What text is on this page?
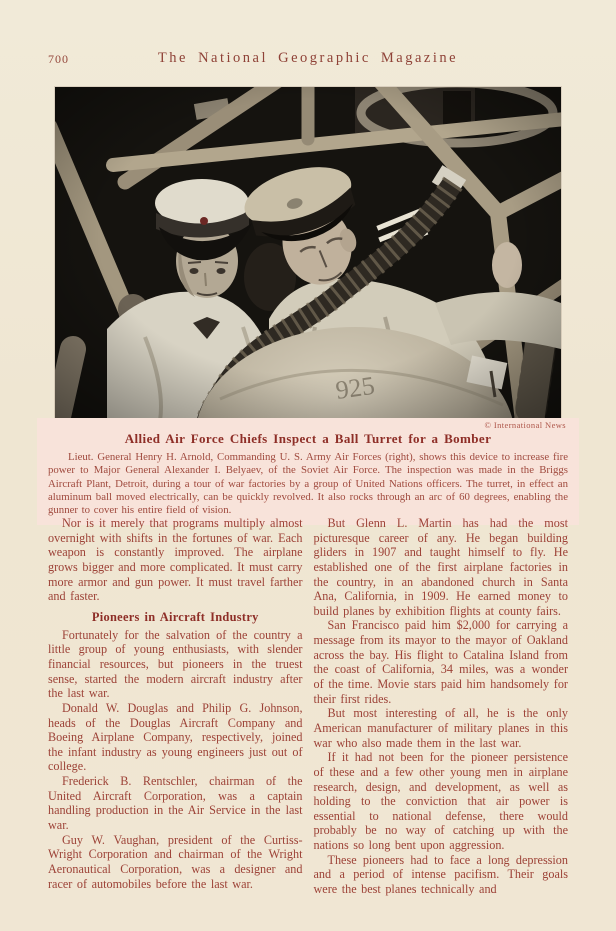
700	The National Geographic Magazine
© International News
Allied Air Force Chiefs Inspect a Ball Turret for a Bomber

Lieut. General Henry H. Arnold, Commanding U. S. Army Air Forces (right), shows this device to increase fire power to Major General Alexander I. Belyaev, of the Soviet Air Force. The inspection was made in the Briggs Aircraft Plant, Detroit, during a tour of war factories by a group of United Nations officers. The turret, in effect an aluminum ball moved electrically, can be quickly revolved. It also rocks through an arc of 60 degrees, enabling the gunner to cover his entire field of vision.

Nor is it merely that programs multiply almost overnight with shifts in the fortunes of war. Each weapon is constantly improved. The airplane grows bigger and more complicated. It must carry more armor and gun power. It must travel farther and faster.

Pioneers in Aircraft Industry

Fortunately for the salvation of the country a little group of young enthusiasts, with slender financial resources, but pioneers in the truest sense, started the modern aircraft industry after the last war.

Donald W. Douglas and Philip G. Johnson, heads of the Douglas Aircraft Company and Boeing Airplane Company, respectively, joined the infant industry as young engineers just out of college.

Frederick B. Rentschler, chairman of the United Aircraft Corporation, was a captain handling production in the Air Service in the last war.

Guy W. Vaughan, president of the Curtiss-Wright Corporation and chairman of the Wright Aeronautical Corporation, was a designer and racer of automobiles before the last war.

But Glenn L. Martin has had the most picturesque career of any. He began building gliders in 1907 and taught himself to fly. He established one of the first airplane factories in the country, in an abandoned church in Santa Ana, California, in 1909. He earned money to build planes by exhibition flights at county fairs.

San Francisco paid him $2,000 for carrying a message from its mayor to the mayor of Oakland across the bay. His flight to Catalina Island from the coast of California, 34 miles, was a wonder of the time. Movie stars paid him handsomely for their first rides.

But most interesting of all, he is the only American manufacturer of military planes in this war who also made them in the last war.

If it had not been for the pioneer persistence of these and a few other young men in airplane research, design, and development, as well as holding to the conviction that air power is essential to national defense, there would probably be no way of catching up with the nations so long bent upon aggression.

These pioneers had to face a long depression and a period of intense pacifism. Their goals were the best planes technically and
